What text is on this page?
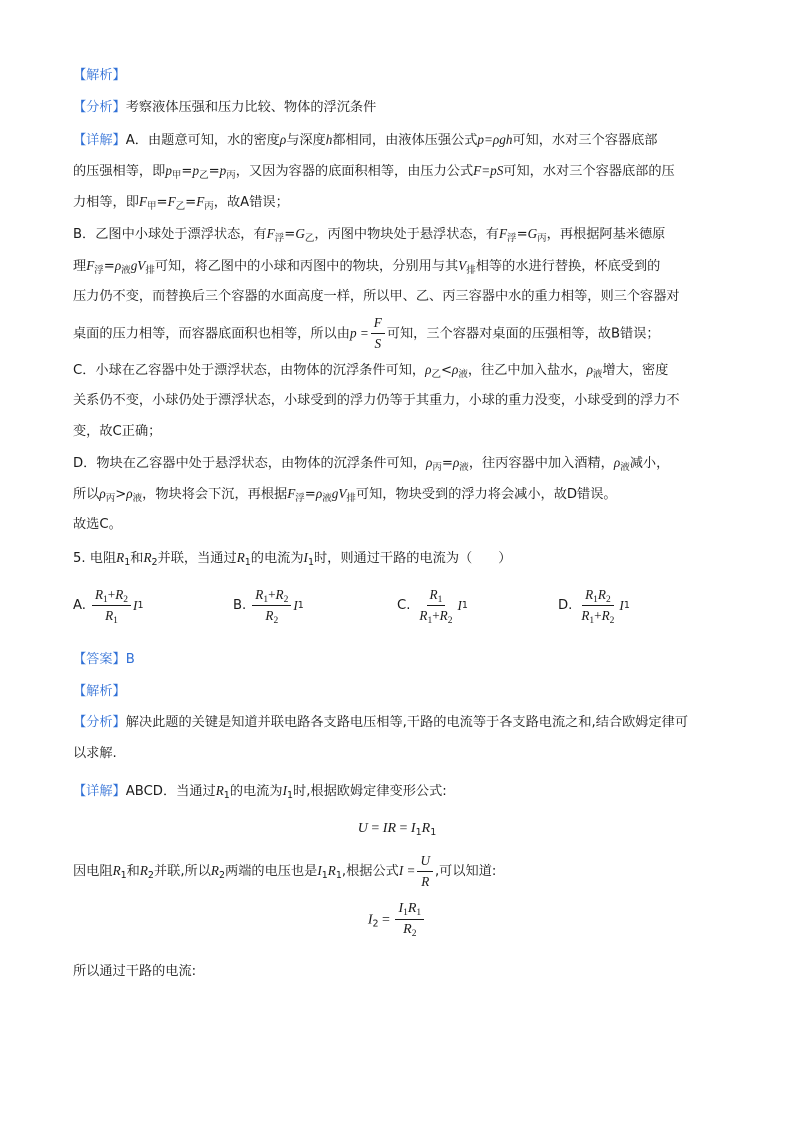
【解析】
【分析】考察液体压强和压力比较、物体的浮沉条件
【详解】A．由题意可知，水的密度ρ与深度h都相同，由液体压强公式p=ρgh可知，水对三个容器底部
的压强相等，即$p_甲=p_乙=p_丙$，又因为容器的底面积相等，由压力公式F=pS可知，水对三个容器底部的压
力相等，即$F_甲=F_乙=F_丙$，故A错误；
B．乙图中小球处于漂浮状态，有$F_浮=G_乙$，丙图中物块处于悬浮状态，有$F_浮=G_丙$，再根据阿基米德原
理$F_浮=\rho_液gV_排$可知，将乙图中的小球和丙图中的物块，分别用与其$V_排$相等的水进行替换，杯底受到的
压力仍不变，而替换后三个容器的水面高度一样，所以甲、乙、丙三容器中水的重力相等，则三个容器对
桌面的压力相等，而容器底面积也相等，所以由$p = \frac{F}{S}$ 可知，三个容器对桌面的压强相等，故B错误；
C．小球在乙容器中处于漂浮状态，由物体的沉浮条件可知，$\rho_乙<\rho_液$，往乙中加入盐水，$\rho_液$增大，密度
关系仍不变，小球仍处于漂浮状态，小球受到的浮力仍等于其重力，小球的重力没变，小球受到的浮力不
变，故C正确；
D．物块在乙容器中处于悬浮状态，由物体的沉浮条件可知，$\rho_丙=\rho_液$，往丙容器中加入酒精，$\rho_液$减小，
所以$\rho_丙>\rho_液$，物块将会下沉，再根据$F_浮=\rho_液gV_排$可知，物块受到的浮力将会减小，故D错误。
故选C。
5. 电阻$R_1$和$R_2$并联，当通过$R_1$的电流为$I_1$时，则通过干路的电流为（ ）
A. $\frac{R_1+R_2}{R_1}$ I 1	B. $\frac{R_1+R_2}{R_2}$ I 1	C. $\frac{R_1}{R_1+R_2}$ I 1	D. $\frac{R_1R_2}{R_1+R_2}$ I 1
【答案】B
【解析】
【分析】解决此题的关键是知道并联电路各支路电压相等,干路的电流等于各支路电流之和,结合欧姆定律可
以求解.
【详解】ABCD．当通过$R_1$的电流为$I_1$时,根据欧姆定律变形公式:
U = IR = $I_1R_1$
因电阻$R_1$和$R_2$并联,所以$R_2$两端的电压也是$I_1R_1$,根据公式$I = \frac{U}{R}$ ,可以知道:
$I_2 = \frac{I_1R_1}{R_2}$
所以通过干路的电流:
